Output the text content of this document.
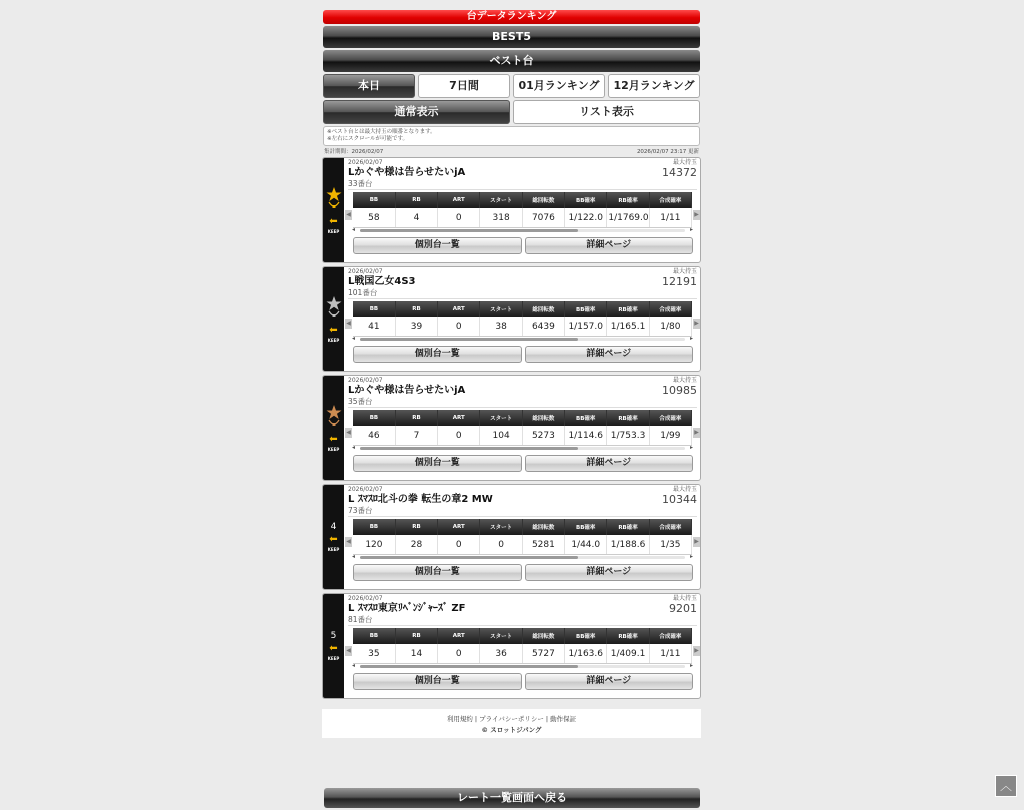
台データランキング
BEST5
ベスト台
本日	7日間	01月ランキング	12月ランキング
通常表示	リスト表示
※ベスト台とは最大持玉の順番となります。
※左右にスクロールが可能です。
集計期間：2026/02/07	2026/02/07 23:17 更新
⬅
KEEP
2026/02/07	最大持玉
Lかぐや様は告らせたいjA	14372
33番台
BB	RB	ART	スタート	総回転数	BB確率	RB確率	合成確率
58	4	0	318	7076	1/122.0	1/1769.0	1/11
◀	▶
◂	▸
個別台一覧	詳細ページ
⬅
KEEP
2026/02/07	最大持玉
L戦国乙女4S3	12191
101番台
BB	RB	ART	スタート	総回転数	BB確率	RB確率	合成確率
41	39	0	38	6439	1/157.0	1/165.1	1/80
◀	▶
◂	▸
個別台一覧	詳細ページ
⬅
KEEP
2026/02/07	最大持玉
Lかぐや様は告らせたいjA	10985
35番台
BB	RB	ART	スタート	総回転数	BB確率	RB確率	合成確率
46	7	0	104	5273	1/114.6	1/753.3	1/99
◀	▶
◂	▸
個別台一覧	詳細ページ
4
⬅
KEEP
2026/02/07	最大持玉
L ｽﾏｽﾛ北斗の拳 転生の章2 MW	10344
73番台
BB	RB	ART	スタート	総回転数	BB確率	RB確率	合成確率
120	28	0	0	5281	1/44.0	1/188.6	1/35
◀	▶
◂	▸
個別台一覧	詳細ページ
5
⬅
KEEP
2026/02/07	最大持玉
L ｽﾏｽﾛ東京ﾘﾍﾞﾝｼﾞｬｰｽﾞ ZF	9201
81番台
BB	RB	ART	スタート	総回転数	BB確率	RB確率	合成確率
35	14	0	36	5727	1/163.6	1/409.1	1/11
◀	▶
◂	▸
個別台一覧	詳細ページ
利用規約 | プライバシーポリシー | 動作保証
© スロットジパング
レート一覧画面へ戻る
︿
